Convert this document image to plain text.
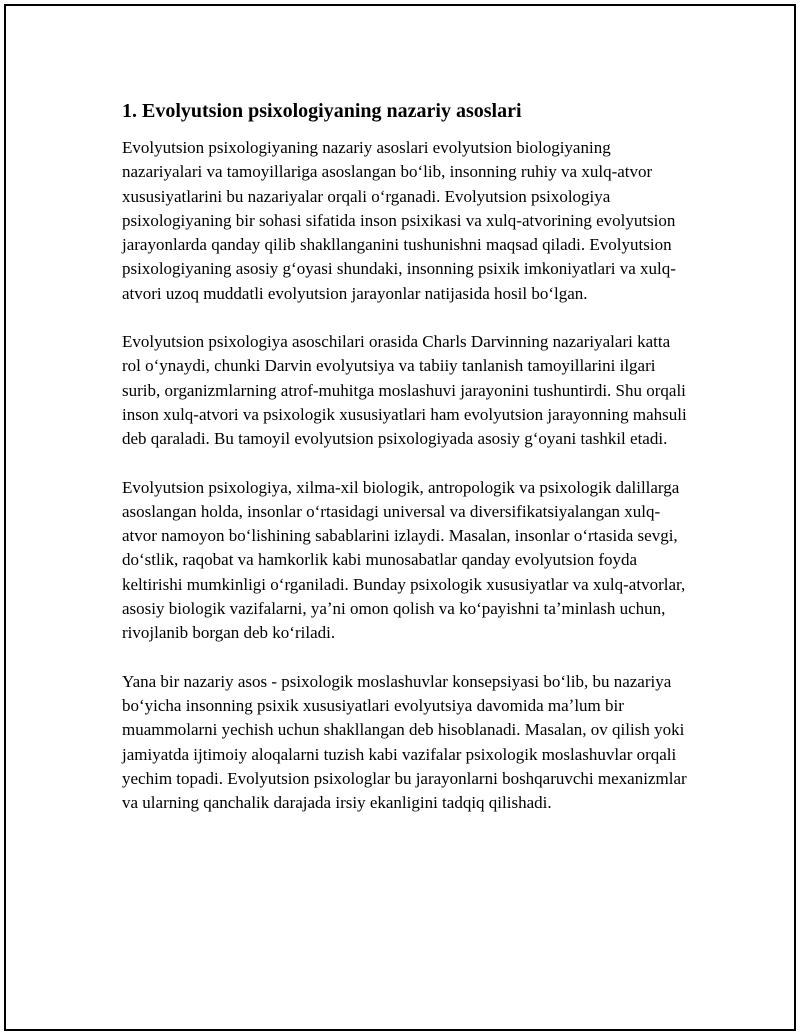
1. Evolyutsion psixologiyaning nazariy asoslari

Evolyutsion psixologiyaning nazariy asoslari evolyutsion biologiyaning nazariyalari va tamoyillariga asoslangan boʻlib, insonning ruhiy va xulq-atvor xususiyatlarini bu nazariyalar orqali oʻrganadi. Evolyutsion psixologiya psixologiyaning bir sohasi sifatida inson psixikasi va xulq-atvorining evolyutsion jarayonlarda qanday qilib shakllanganini tushunishni maqsad qiladi. Evolyutsion psixologiyaning asosiy gʻoyasi shundaki, insonning psixik imkoniyatlari va xulq-atvori uzoq muddatli evolyutsion jarayonlar natijasida hosil boʻlgan.

Evolyutsion psixologiya asoschilari orasida Charls Darvinning nazariyalari katta rol oʻynaydi, chunki Darvin evolyutsiya va tabiiy tanlanish tamoyillarini ilgari surib, organizmlarning atrof-muhitga moslashuvi jarayonini tushuntirdi. Shu orqali inson xulq-atvori va psixologik xususiyatlari ham evolyutsion jarayonning mahsuli deb qaraladi. Bu tamoyil evolyutsion psixologiyada asosiy gʻoyani tashkil etadi.

Evolyutsion psixologiya, xilma-xil biologik, antropologik va psixologik dalillarga asoslangan holda, insonlar oʻrtasidagi universal va diversifikatsiyalangan xulq-atvor namoyon boʻlishining sabablarini izlaydi. Masalan, insonlar oʻrtasida sevgi, doʻstlik, raqobat va hamkorlik kabi munosabatlar qanday evolyutsion foyda keltirishi mumkinligi oʻrganiladi. Bunday psixologik xususiyatlar va xulq-atvorlar, asosiy biologik vazifalarni, yaʼni omon qolish va koʻpayishni taʼminlash uchun, rivojlanib borgan deb koʻriladi.

Yana bir nazariy asos - psixologik moslashuvlar konsepsiyasi boʻlib, bu nazariya boʻyicha insonning psixik xususiyatlari evolyutsiya davomida maʼlum bir muammolarni yechish uchun shakllangan deb hisoblanadi. Masalan, ov qilish yoki jamiyatda ijtimoiy aloqalarni tuzish kabi vazifalar psixologik moslashuvlar orqali yechim topadi. Evolyutsion psixologlar bu jarayonlarni boshqaruvchi mexanizmlar va ularning qanchalik darajada irsiy ekanligini tadqiq qilishadi.
